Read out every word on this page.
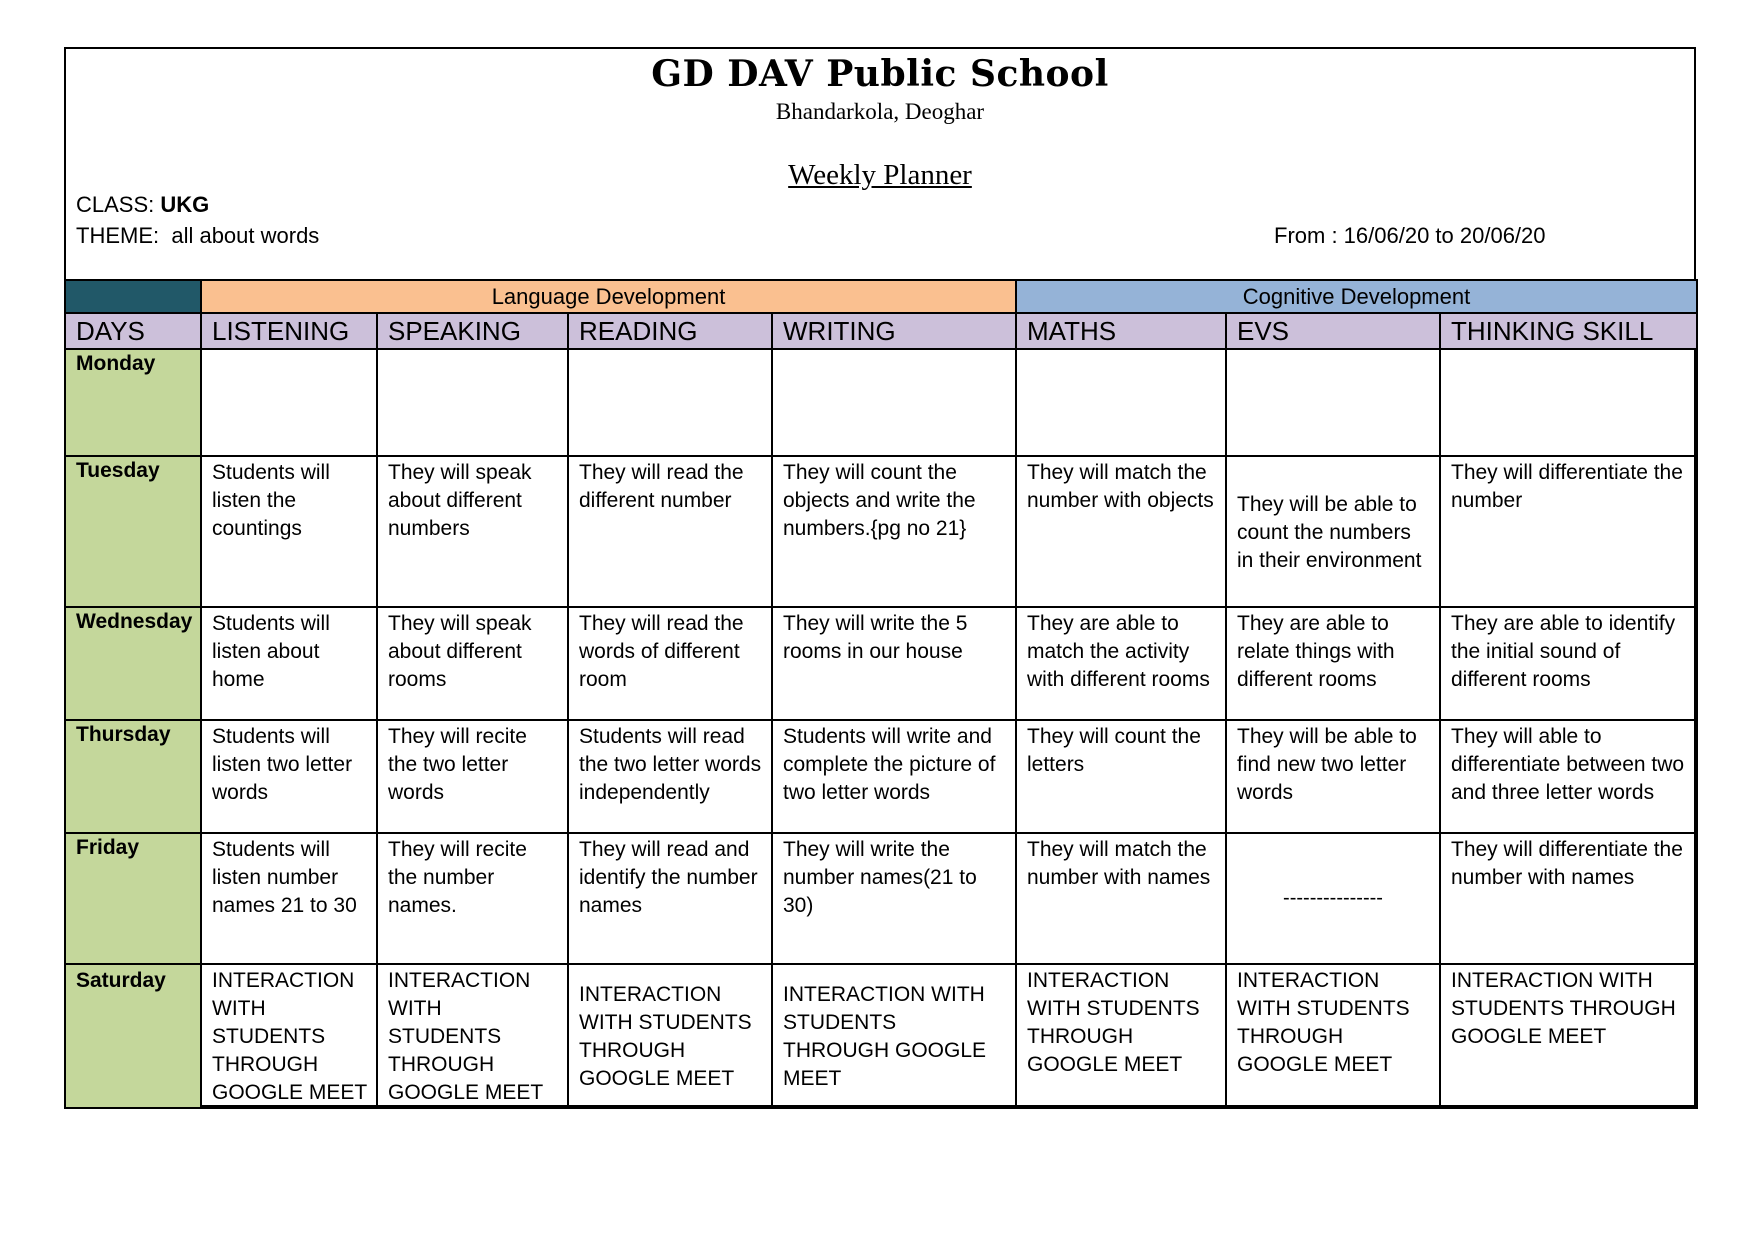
GD DAV Public School
Bhandarkola, Deoghar
Weekly Planner
CLASS: UKG
THEME:  all about words	From : 16/06/20 to 20/06/20
	Language Development				Cognitive Development		
DAYS	LISTENING	SPEAKING	READING	WRITING	MATHS	EVS	THINKING SKILL
Monday							
Tuesday	Students will listen the countings	They will speak about different numbers	They will read the different number	They will count the objects and write the numbers.{pg no 21}	They will match the number with objects	They will be able to count the numbers in their environment	They will differentiate the number
Wednesday	Students will listen about home	They will speak about different rooms	They will read the words of different room	They will write the 5 rooms in our house	They are able to match the activity with different rooms	They are able to relate things with different rooms	They are able to identify the initial sound of different rooms
Thursday	Students will listen two letter words	They will recite the two letter words	Students will read the two letter words independently	Students will write and complete the picture of two letter words	They will count the letters	They will be able to find new two letter words	They will able to differentiate between two and three letter words
Friday	Students will listen number names 21 to 30	They will recite the number names.	They will read and identify the number names	They will write the number names(21 to 30)	They will match the number with names	---------------	They will differentiate the number with names
Saturday	INTERACTION WITH STUDENTS THROUGH GOOGLE MEET	INTERACTION WITH STUDENTS THROUGH GOOGLE MEET	INTERACTION WITH STUDENTS THROUGH GOOGLE MEET	INTERACTION WITH STUDENTS THROUGH GOOGLE MEET	INTERACTION WITH STUDENTS THROUGH GOOGLE MEET	INTERACTION WITH STUDENTS THROUGH GOOGLE MEET	INTERACTION WITH STUDENTS THROUGH GOOGLE MEET
